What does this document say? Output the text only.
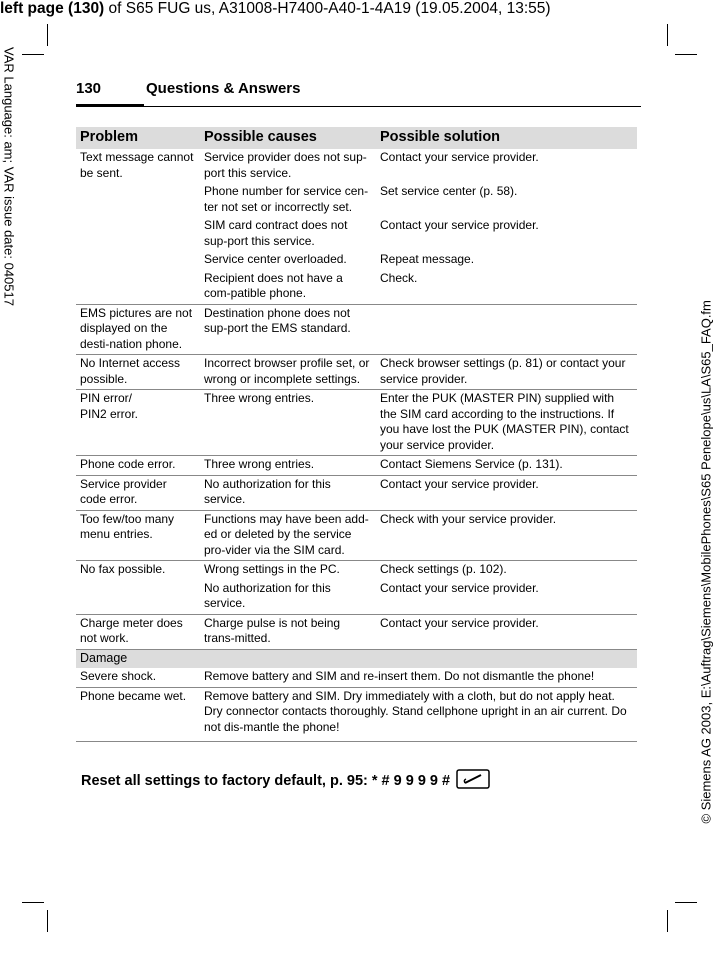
left page (130) of S65 FUG us, A31008-H7400-A40-1-4A19 (19.05.2004, 13:55)
VAR Language: am; VAR issue date: 040517
© Siemens AG 2003, E:\Auftrag\Siemens\MobilePhones\S65 Penelope\us\LA\S65_FAQ.fm
130	Questions & Answers
Problem	Possible causes	Possible solution
Text message cannot be sent.	Service provider does not sup-port this service.	Contact your service provider.
	Phone number for service cen-ter not set or incorrectly set.	Set service center (p. 58).
	SIM card contract does not sup-port this service.	Contact your service provider.
	Service center overloaded.	Repeat message.
	Recipient does not have a com-patible phone.	Check.
EMS pictures are not displayed on the desti-nation phone.	Destination phone does not sup-port the EMS standard.	
No Internet access possible.	Incorrect browser profile set, or wrong or incomplete settings.	Check browser settings (p. 81) or contact your service provider.
PIN error/
PIN2 error.	Three wrong entries.	Enter the PUK (MASTER PIN) supplied with the SIM card according to the instructions. If you have lost the PUK (MASTER PIN), contact your service provider.
Phone code error.	Three wrong entries.	Contact Siemens Service (p. 131).
Service provider code error.	No authorization for this service.	Contact your service provider.
Too few/too many menu entries.	Functions may have been add-ed or deleted by the service pro-vider via the SIM card.	Check with your service provider.
No fax possible.	Wrong settings in the PC.	Check settings (p. 102).
	No authorization for this service.	Contact your service provider.
Charge meter does not work.	Charge pulse is not being trans-mitted.	Contact your service provider.
Damage		
Severe shock.	Remove battery and SIM and re-insert them. Do not dismantle the phone!	
Phone became wet.	Remove battery and SIM. Dry immediately with a cloth, but do not apply heat. Dry connector contacts thoroughly. Stand cellphone upright in an air current. Do not dis-mantle the phone!	
Reset all settings to factory default, p. 95: * # 9 9 9 9 #
